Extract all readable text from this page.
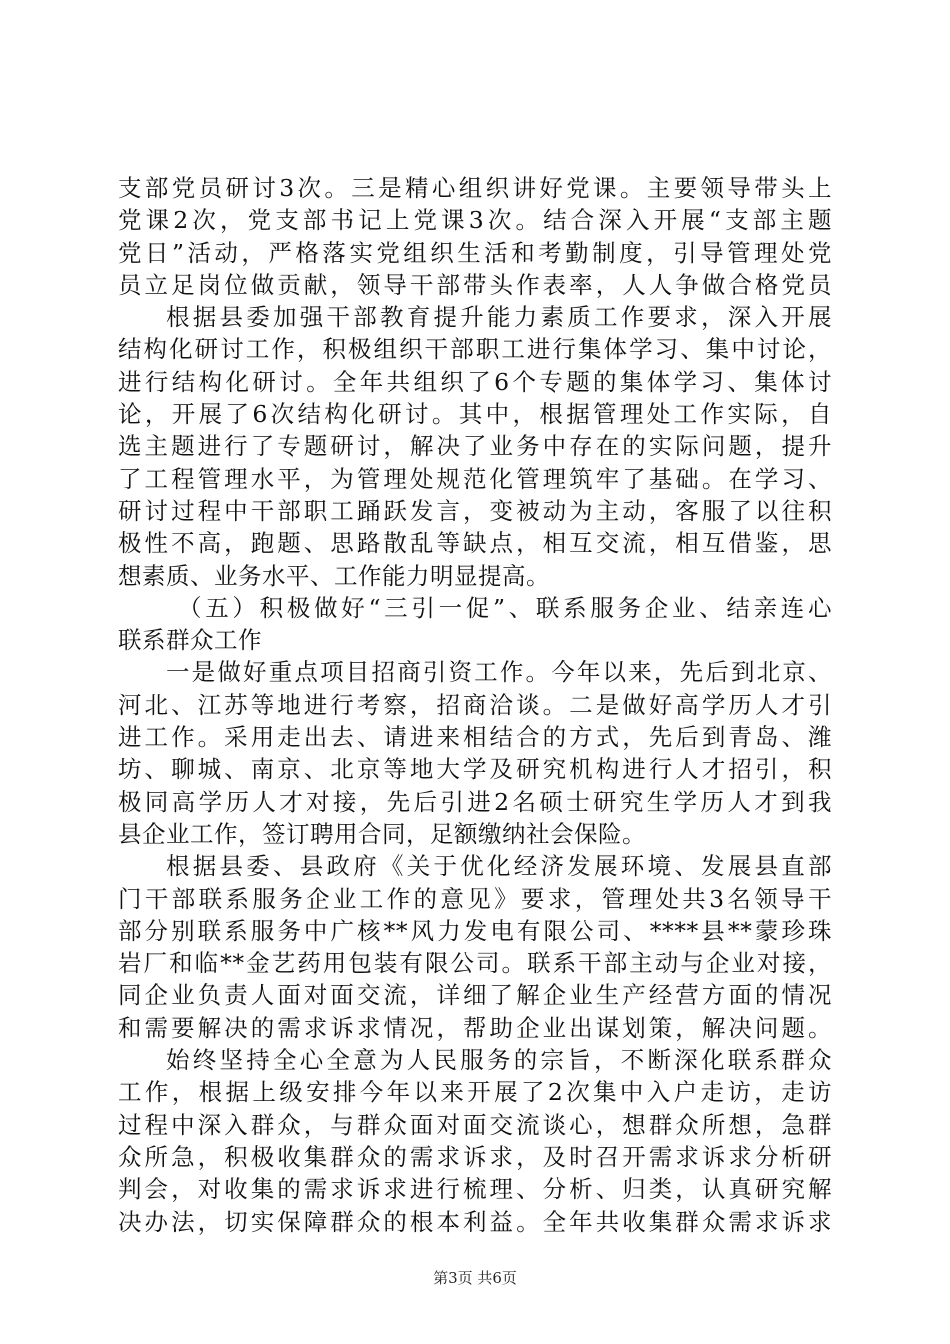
支部党员研讨3次。三是精心组织讲好党课。主要领导带头上
党课2次，党支部书记上党课3次。结合深入开展“支部主题
党日”活动，严格落实党组织生活和考勤制度，引导管理处党
员立足岗位做贡献，领导干部带头作表率，人人争做合格党员
根据县委加强干部教育提升能力素质工作要求，深入开展
结构化研讨工作，积极组织干部职工进行集体学习、集中讨论，
进行结构化研讨。全年共组织了6个专题的集体学习、集体讨
论，开展了6次结构化研讨。其中，根据管理处工作实际，自
选主题进行了专题研讨，解决了业务中存在的实际问题，提升
了工程管理水平，为管理处规范化管理筑牢了基础。在学习、
研讨过程中干部职工踊跃发言，变被动为主动，客服了以往积
极性不高，跑题、思路散乱等缺点，相互交流，相互借鉴，思
想素质、业务水平、工作能力明显提高。
（五）积极做好“三引一促”、联系服务企业、结亲连心
联系群众工作
一是做好重点项目招商引资工作。今年以来，先后到北京、
河北、江苏等地进行考察，招商洽谈。二是做好高学历人才引
进工作。采用走出去、请进来相结合的方式，先后到青岛、潍
坊、聊城、南京、北京等地大学及研究机构进行人才招引，积
极同高学历人才对接，先后引进2名硕士研究生学历人才到我
县企业工作，签订聘用合同，足额缴纳社会保险。
根据县委、县政府《关于优化经济发展环境、发展县直部
门干部联系服务企业工作的意见》要求，管理处共3名领导干
部分别联系服务中广核**风力发电有限公司、****县**蒙珍珠
岩厂和临**金艺药用包装有限公司。联系干部主动与企业对接，
同企业负责人面对面交流，详细了解企业生产经营方面的情况
和需要解决的需求诉求情况，帮助企业出谋划策，解决问题。
始终坚持全心全意为人民服务的宗旨，不断深化联系群众
工作，根据上级安排今年以来开展了2次集中入户走访，走访
过程中深入群众，与群众面对面交流谈心，想群众所想，急群
众所急，积极收集群众的需求诉求，及时召开需求诉求分析研
判会，对收集的需求诉求进行梳理、分析、归类，认真研究解
决办法，切实保障群众的根本利益。全年共收集群众需求诉求
第3页 共6页
